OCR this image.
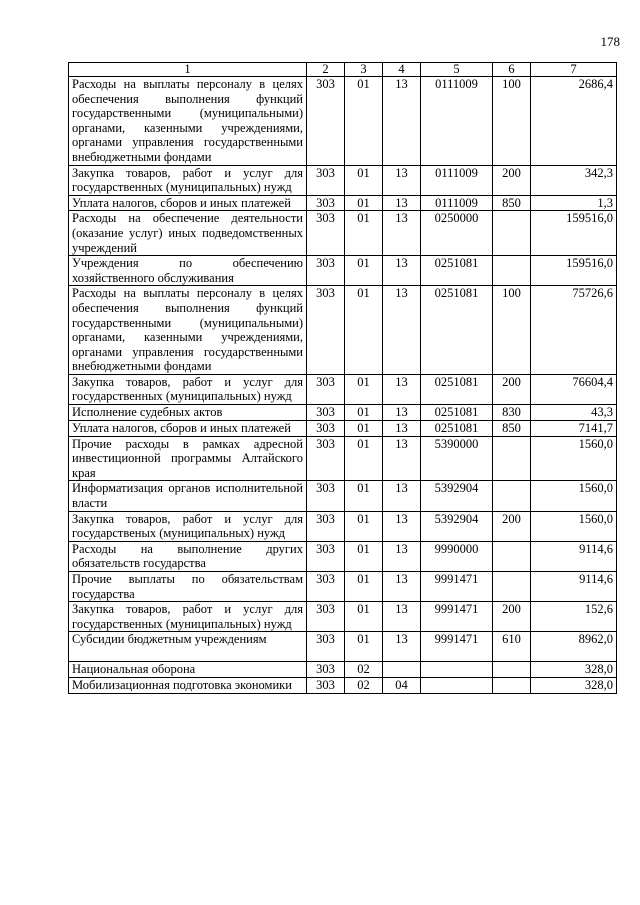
178
1	2	3	4	5	6	7
Расходы на выплаты персоналу в целях обеспечения выполнения функций государственными (муниципальными) органами, казенными учреждениями, органами управления государственными внебюджетными фондами	303	01	13	0111009	100	2686,4
Закупка товаров, работ и услуг для государственных (муниципальных) нужд	303	01	13	0111009	200	342,3
Уплата налогов, сборов и иных платежей	303	01	13	0111009	850	1,3
Расходы на обеспечение деятельности (оказание услуг) иных подведомственных учреждений	303	01	13	0250000		159516,0
Учреждения по обеспечению хозяйственного обслуживания	303	01	13	0251081		159516,0
Расходы на выплаты персоналу в целях обеспечения выполнения функций государственными (муниципальными) органами, казенными учреждениями, органами управления государственными внебюджетными фондами	303	01	13	0251081	100	75726,6
Закупка товаров, работ и услуг для государственных (муниципальных) нужд	303	01	13	0251081	200	76604,4
Исполнение судебных актов	303	01	13	0251081	830	43,3
Уплата налогов, сборов и иных платежей	303	01	13	0251081	850	7141,7
Прочие расходы в рамках адресной инвестиционной программы Алтайского края	303	01	13	5390000		1560,0
Информатизация органов исполнительной власти	303	01	13	5392904		1560,0
Закупка товаров, работ и услуг для государственых (муниципальных) нужд	303	01	13	5392904	200	1560,0
Расходы на выполнение других обязательств государства	303	01	13	9990000		9114,6
Прочие выплаты по обязательствам государства	303	01	13	9991471		9114,6
Закупка товаров, работ и услуг для государственных (муниципальных) нужд	303	01	13	9991471	200	152,6
Субсидии бюджетным учреждениям	303	01	13	9991471	610	8962,0
Национальная оборона	303	02				328,0
Мобилизационная подготовка экономики	303	02	04			328,0
